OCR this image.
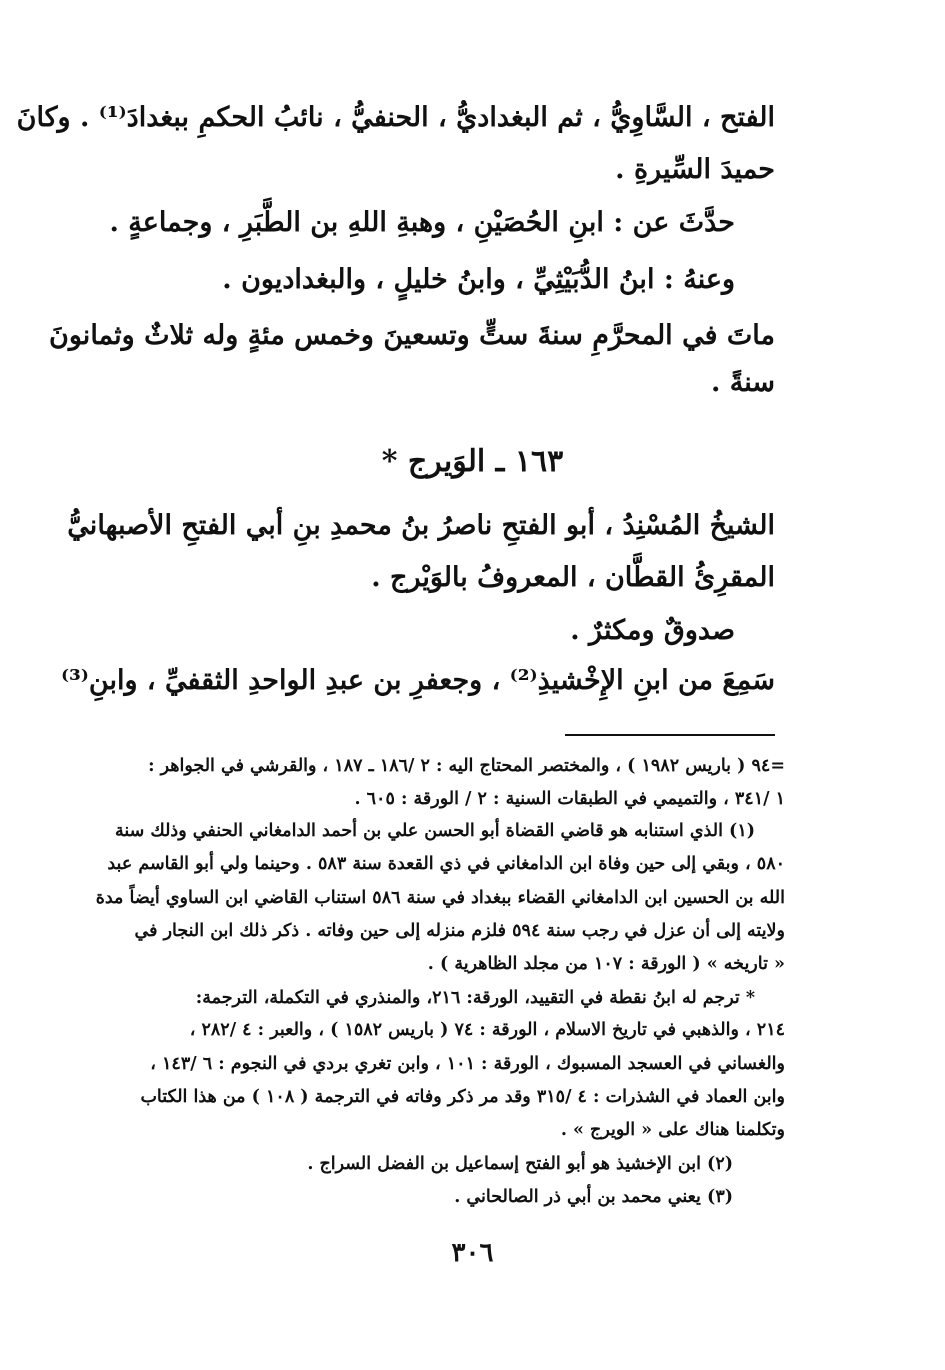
الفتح ، السَّاوِيُّ ، ثم البغداديُّ ، الحنفيُّ ، نائبُ الحكمِ ببغدادَ⁽¹⁾ . وكانَ
حميدَ السِّيرةِ .
حدَّثَ عن : ابنِ الحُصَيْنِ ، وهبةِ اللهِ بن الطَّبَرِ ، وجماعةٍ .
وعنهُ : ابنُ الدُّبَيْثِيِّ ، وابنُ خليلٍ ، والبغداديون .
ماتَ في المحرَّمِ سنةَ ستٍّ وتسعينَ وخمس مئةٍ وله ثلاثٌ وثمانونَ
سنةً .
١٦٣ ـ الوَيرج *
الشيخُ المُسْنِدُ ، أبو الفتحِ ناصرُ بنُ محمدِ بنِ أبي الفتحِ الأصبهانيُّ
المقرِئُ القطَّان ، المعروفُ بالوَيْرج .
صدوقٌ ومكثرٌ .
سَمِعَ من ابنِ الإِخْشيذِ⁽²⁾ ، وجعفرِ بن عبدِ الواحدِ الثقفيِّ ، وابنِ⁽³⁾
=٩٤ ( باريس ١٩٨٢ ) ، والمختصر المحتاج اليه : ٢ /١٨٦ ـ ١٨٧ ، والقرشي في الجواهر :
١ /٣٤١ ، والتميمي في الطبقات السنية : ٢ / الورقة : ٦٠٥ .
(١) الذي استنابه هو قاضي القضاة أبو الحسن علي بن أحمد الدامغاني الحنفي وذلك سنة
٥٨٠ ، وبقي إلى حين وفاة ابن الدامغاني في ذي القعدة سنة ٥٨٣ . وحينما ولي أبو القاسم عبد
الله بن الحسين ابن الدامغاني القضاء ببغداد في سنة ٥٨٦ استناب القاضي ابن الساوي أيضاً مدة
ولايته إلى أن عزل في رجب سنة ٥٩٤ فلزم منزله إلى حين وفاته . ذكر ذلك ابن النجار في
« تاريخه » ( الورقة : ١٠٧ من مجلد الظاهرية ) .
* ترجم له ابنُ نقطة في التقييد، الورقة: ٢١٦، والمنذري في التكملة، الترجمة:
٢١٤ ، والذهبي في تاريخ الاسلام ، الورقة : ٧٤ ( باريس ١٥٨٢ ) ، والعبر : ٤ /٢٨٢ ،
والغساني في العسجد المسبوك ، الورقة : ١٠١ ، وابن تغري بردي في النجوم : ٦ /١٤٣ ،
وابن العماد في الشذرات : ٤ /٣١٥ وقد مر ذكر وفاته في الترجمة ( ١٠٨ ) من هذا الكتاب
وتكلمنا هناك على « الويرج » .
(٢) ابن الإخشيذ هو أبو الفتح إسماعيل بن الفضل السراج .
(٣) يعني محمد بن أبي ذر الصالحاني .
٣٠٦
